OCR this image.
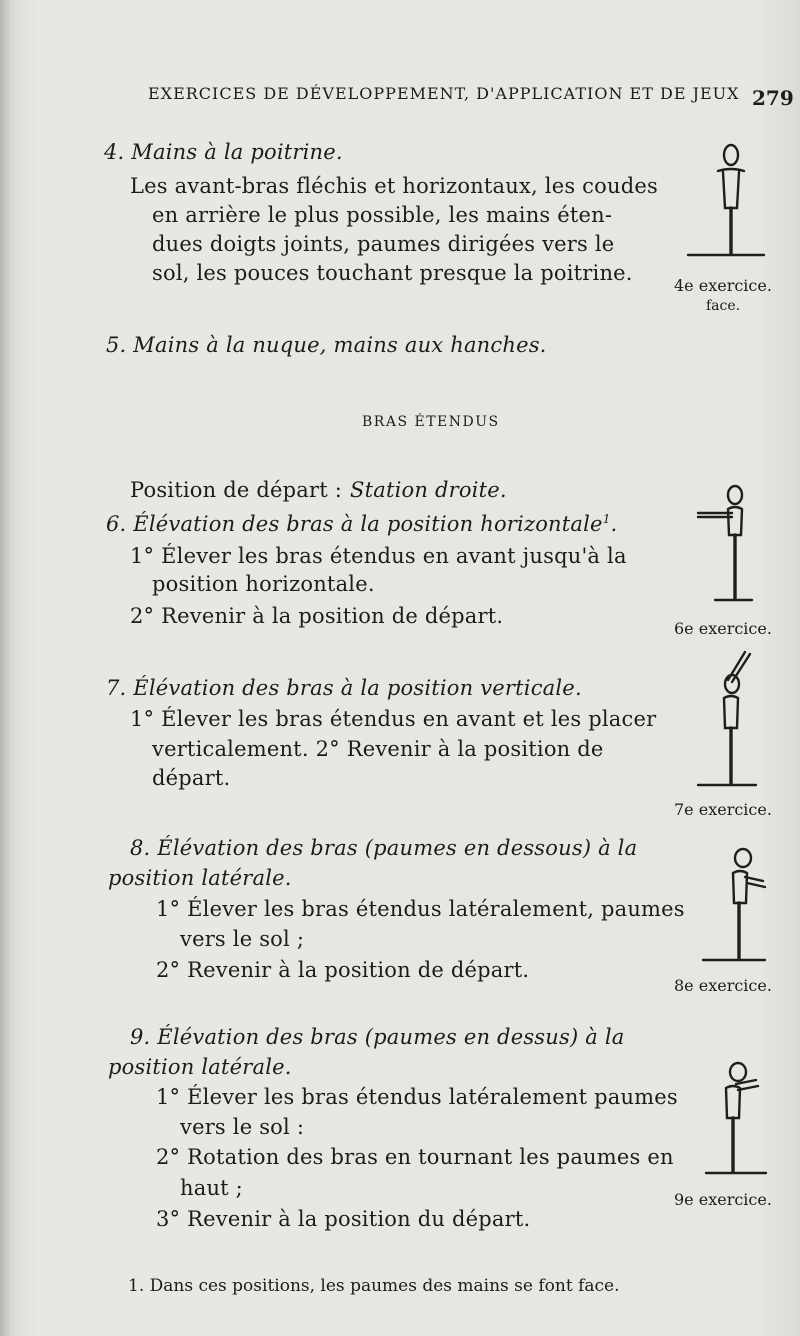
EXERCICES DE DÉVELOPPEMENT, D'APPLICATION ET DE JEUX 279
4. Mains à la poitrine.
Les avant-bras fléchis et horizontaux, les coudes
en arrière le plus possible, les mains éten-
dues doigts joints, paumes dirigées vers le
sol, les pouces touchant presque la poitrine.
4e exercice.
face.
5. Mains à la nuque, mains aux hanches.
BRAS ÉTENDUS
Position de départ : Station droite.
6. Élévation des bras à la position horizontale$^1$.
1° Élever les bras étendus en avant jusqu'à la
position horizontale.
2° Revenir à la position de départ.
6e exercice.
7. Élévation des bras à la position verticale.
1° Élever les bras étendus en avant et les placer
verticalement. 2° Revenir à la position de
départ.
7e exercice.
8. Élévation des bras (paumes en dessous) à la
position latérale.
1° Élever les bras étendus latéralement, paumes
vers le sol ;
2° Revenir à la position de départ.
8e exercice.
9. Élévation des bras (paumes en dessus) à la
position latérale.
1° Élever les bras étendus latéralement paumes
vers le sol :
2° Rotation des bras en tournant les paumes en
haut ;
3° Revenir à la position du départ.
9e exercice.
1. Dans ces positions, les paumes des mains se font face.
